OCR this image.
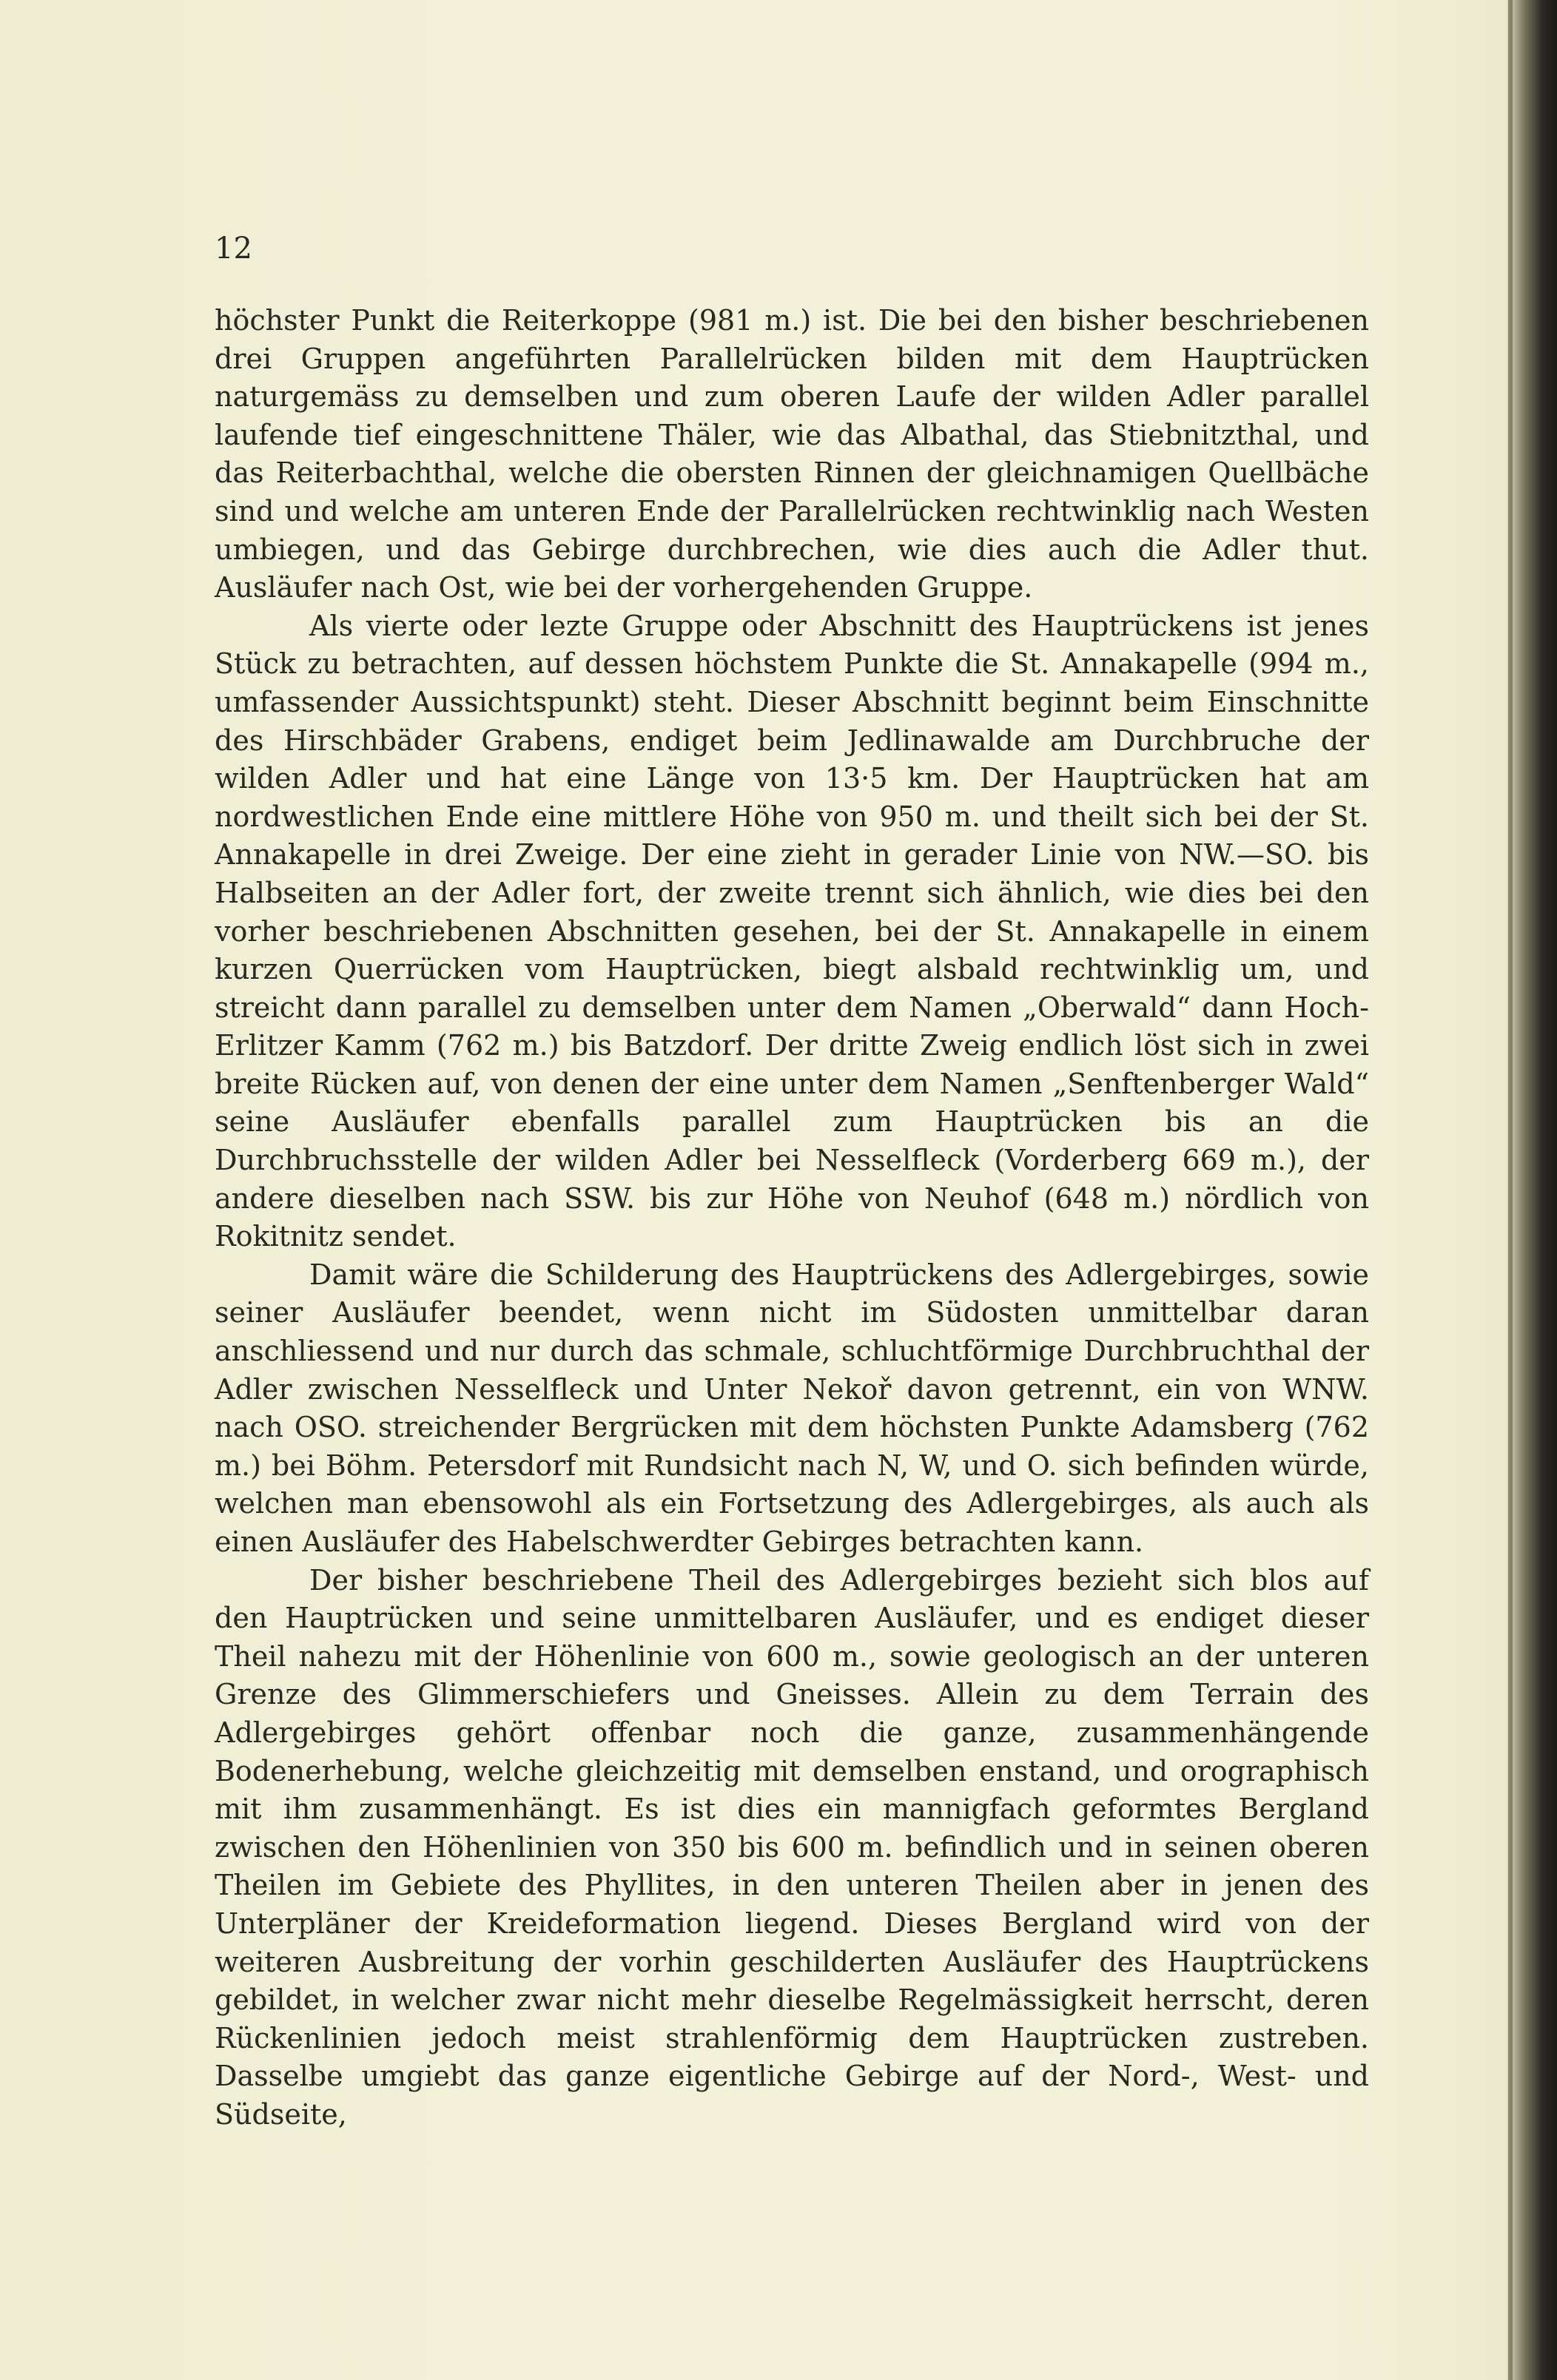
12

höchster Punkt die Reiterkoppe (981 m.) ist. Die bei den bisher beschriebenen drei Gruppen angeführten Parallelrücken bilden mit dem Hauptrücken naturgemäss zu demselben und zum oberen Laufe der wilden Adler parallel laufende tief eingeschnittene Thäler, wie das Albathal, das Stiebnitzthal, und das Reiterbachthal, welche die obersten Rinnen der gleichnamigen Quellbäche sind und welche am unteren Ende der Parallelrücken rechtwinklig nach Westen umbiegen, und das Gebirge durchbrechen, wie dies auch die Adler thut. Ausläufer nach Ost, wie bei der vorhergehenden Gruppe.

Als vierte oder lezte Gruppe oder Abschnitt des Hauptrückens ist jenes Stück zu betrachten, auf dessen höchstem Punkte die St. Annakapelle (994 m., umfassender Aussichtspunkt) steht. Dieser Abschnitt beginnt beim Einschnitte des Hirschbäder Grabens, endiget beim Jedlinawalde am Durchbruche der wilden Adler und hat eine Länge von 13·5 km. Der Hauptrücken hat am nordwestlichen Ende eine mittlere Höhe von 950 m. und theilt sich bei der St. Annakapelle in drei Zweige. Der eine zieht in gerader Linie von NW.—SO. bis Halbseiten an der Adler fort, der zweite trennt sich ähnlich, wie dies bei den vorher beschriebenen Abschnitten gesehen, bei der St. Annakapelle in einem kurzen Querrücken vom Hauptrücken, biegt alsbald rechtwinklig um, und streicht dann parallel zu demselben unter dem Namen „Oberwald“ dann Hoch-Erlitzer Kamm (762 m.) bis Batzdorf. Der dritte Zweig endlich löst sich in zwei breite Rücken auf, von denen der eine unter dem Namen „Senftenberger Wald“ seine Ausläufer ebenfalls parallel zum Hauptrücken bis an die Durchbruchsstelle der wilden Adler bei Nesselfleck (Vorderberg 669 m.), der andere dieselben nach SSW. bis zur Höhe von Neuhof (648 m.) nördlich von Rokitnitz sendet.

Damit wäre die Schilderung des Hauptrückens des Adlergebirges, sowie seiner Ausläufer beendet, wenn nicht im Südosten unmittelbar daran anschliessend und nur durch das schmale, schluchtförmige Durchbruchthal der Adler zwischen Nesselfleck und Unter Nekoř davon getrennt, ein von WNW. nach OSO. streichender Bergrücken mit dem höchsten Punkte Adamsberg (762 m.) bei Böhm. Petersdorf mit Rundsicht nach N, W, und O. sich befinden würde, welchen man ebensowohl als ein Fortsetzung des Adlergebirges, als auch als einen Ausläufer des Habelschwerdter Gebirges betrachten kann.

Der bisher beschriebene Theil des Adlergebirges bezieht sich blos auf den Hauptrücken und seine unmittelbaren Ausläufer, und es endiget dieser Theil nahezu mit der Höhenlinie von 600 m., sowie geologisch an der unteren Grenze des Glimmerschiefers und Gneisses. Allein zu dem Terrain des Adlergebirges gehört offenbar noch die ganze, zusammenhängende Bodenerhebung, welche gleichzeitig mit demselben enstand, und orographisch mit ihm zusammenhängt. Es ist dies ein mannigfach geformtes Bergland zwischen den Höhenlinien von 350 bis 600 m. befindlich und in seinen oberen Theilen im Gebiete des Phyllites, in den unteren Theilen aber in jenen des Unterpläner der Kreideformation liegend. Dieses Bergland wird von der weiteren Ausbreitung der vorhin geschilderten Ausläufer des Hauptrückens gebildet, in welcher zwar nicht mehr dieselbe Regelmässigkeit herrscht, deren Rückenlinien jedoch meist strahlenförmig dem Hauptrücken zustreben. Dasselbe umgiebt das ganze eigentliche Gebirge auf der Nord-, West- und Südseite,
